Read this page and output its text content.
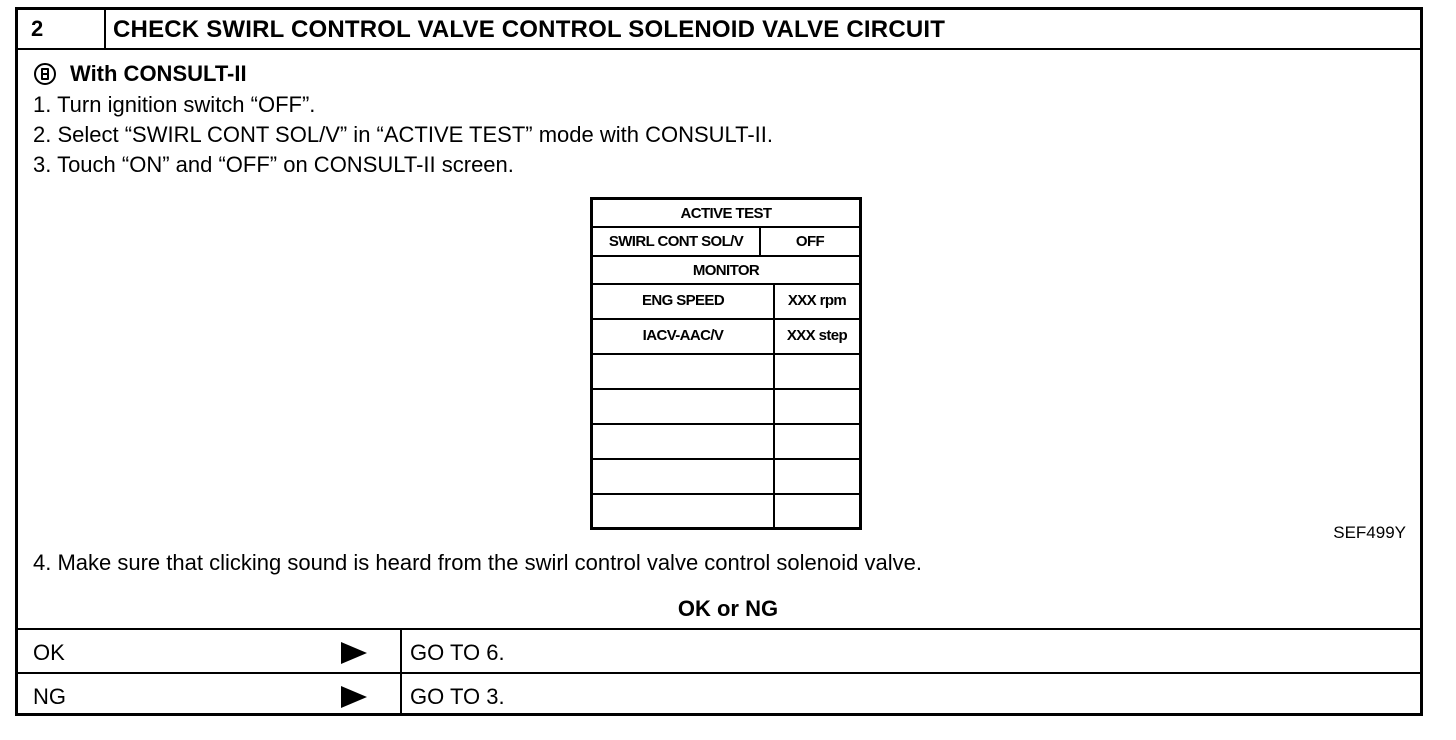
2	CHECK SWIRL CONTROL VALVE CONTROL SOLENOID VALVE CIRCUIT
With CONSULT-II
1. Turn ignition switch “OFF”.
2. Select “SWIRL CONT SOL/V” in “ACTIVE TEST” mode with CONSULT-II.
3. Touch “ON” and “OFF” on CONSULT-II screen.
ACTIVE TEST
SWIRL CONT SOL/V	OFF
MONITOR
ENG SPEED	XXX rpm
IACV-AAC/V	XXX step
SEF499Y
4. Make sure that clicking sound is heard from the swirl control valve control solenoid valve.
OK or NG
OK	GO TO 6.
NG	GO TO 3.
